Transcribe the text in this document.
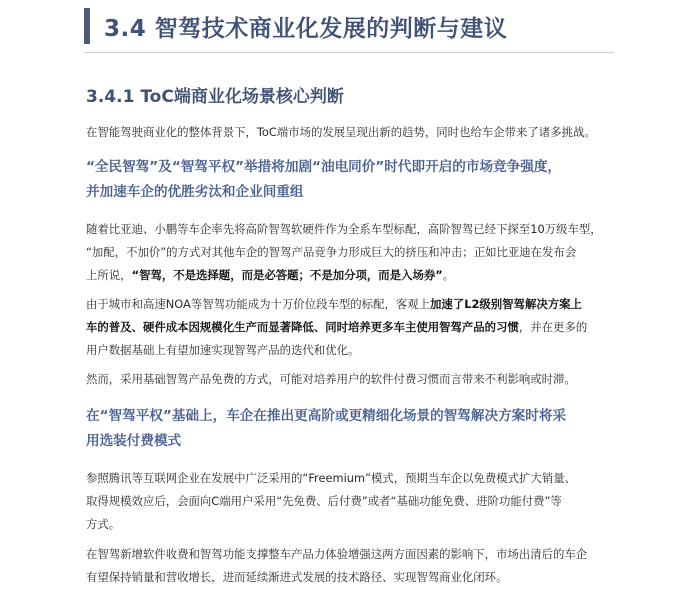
3.4 智驾技术商业化发展的判断与建议
3.4.1 ToC端商业化场景核心判断

在智能驾驶商业化的整体背景下，ToC端市场的发展呈现出新的趋势，同时也给车企带来了诸多挑战。

“全民智驾”及“智驾平权”举措将加剧“油电同价”时代即开启的市场竞争强度，
并加速车企的优胜劣汰和企业间重组
随着比亚迪、小鹏等车企率先将高阶智驾软硬件作为全系车型标配，高阶智驾已经下探至10万级车型，
“加配，不加价”的方式对其他车企的智驾产品竞争力形成巨大的挤压和冲击；正如比亚迪在发布会
上所说，“智驾，不是选择题，而是必答题；不是加分项，而是入场券”。
由于城市和高速NOA等智驾功能成为十万价位段车型的标配，客观上加速了L2级别智驾解决方案上
车的普及、硬件成本因规模化生产而显著降低、同时培养更多车主使用智驾产品的习惯，并在更多的
用户数据基础上有望加速实现智驾产品的迭代和优化。

然而，采用基础智驾产品免费的方式，可能对培养用户的软件付费习惯而言带来不利影响或时滞。

在“智驾平权”基础上，车企在推出更高阶或更精细化场景的智驾解决方案时将采
用选装付费模式
参照腾讯等互联网企业在发展中广泛采用的“Freemium”模式，预期当车企以免费模式扩大销量、
取得规模效应后，会面向C端用户采用“先免费、后付费”或者“基础功能免费、进阶功能付费”等
方式。
在智驾新增软件收费和智驾功能支撑整车产品力体验增强这两方面因素的影响下，市场出清后的车企
有望保持销量和营收增长，进而延续渐进式发展的技术路径、实现智驾商业化闭环。
